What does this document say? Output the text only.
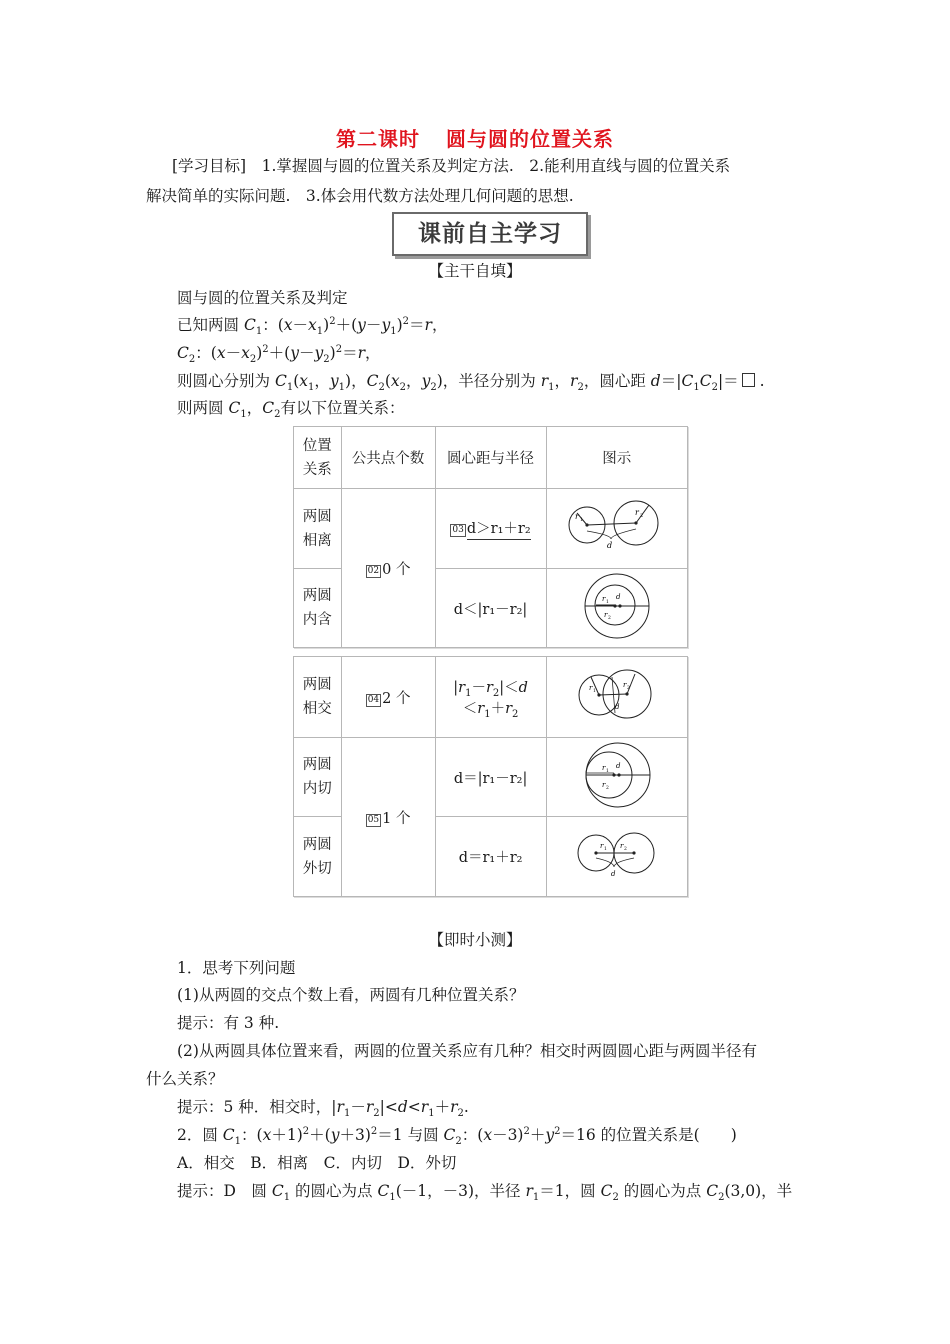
第二课时 圆与圆的位置关系
[学习目标]　1.掌握圆与圆的位置关系及判定方法.　2.能利用直线与圆的位置关系
解决简单的实际问题.　3.体会用代数方法处理几何问题的思想.
课前自主学习
【主干自填】
圆与圆的位置关系及判定
已知两圆 $C_1$：$(x-x_1)^2+(y-y_1)^2=r$，
$C_2$：$(x-x_2)^2+(y-y_2)^2=r$，
则圆心分别为 $C_1(x_1$，$y_1$)，$C_2(x_2$，$y_2$)，半径分别为 $r_1$，$r_2$，圆心距 $d=|C_1C_2|=$ .
则两圆 $C_1$，$C_2$有以下位置关系：
位置
关系	公共点个数	圆心距与半径	图示
两圆
相离	02 0 个	03 d＞r₁＋r₂	r 1
r 2
d

两圆
内含		d＜|r₁－r₂|	r 1
d
r 2
两圆
相交	04 2 个	$|r_1-r_2|<d$
$<r_1+r_2$	r 1
r 2
d

两圆
内切	05 1 个	d＝|r₁－r₂|	r 1
d
r 2

两圆
外切		d＝r₁＋r₂	r 1 r 2
d
【即时小测】
1．思考下列问题
(1)从两圆的交点个数上看，两圆有几种位置关系？
提示：有 3 种.
(2)从两圆具体位置来看，两圆的位置关系应有几种？相交时两圆圆心距与两圆半径有
什么关系？
提示：5 种．相交时，$|r_1-r_2|<d<r_1+r_2$.
2．圆 $C_1$：$(x+1)^2+(y+3)^2=1$ 与圆 $C_2$：$(x-3)^2+y^2=16$ 的位置关系是(　　)
A．相交　B．相离　C．内切　D．外切
提示：D　圆 $C_1$ 的圆心为点 $C_1(-1$，－3)，半径 $r_1=1$，圆 $C_2$ 的圆心为点 $C_2(3,0)$，半
